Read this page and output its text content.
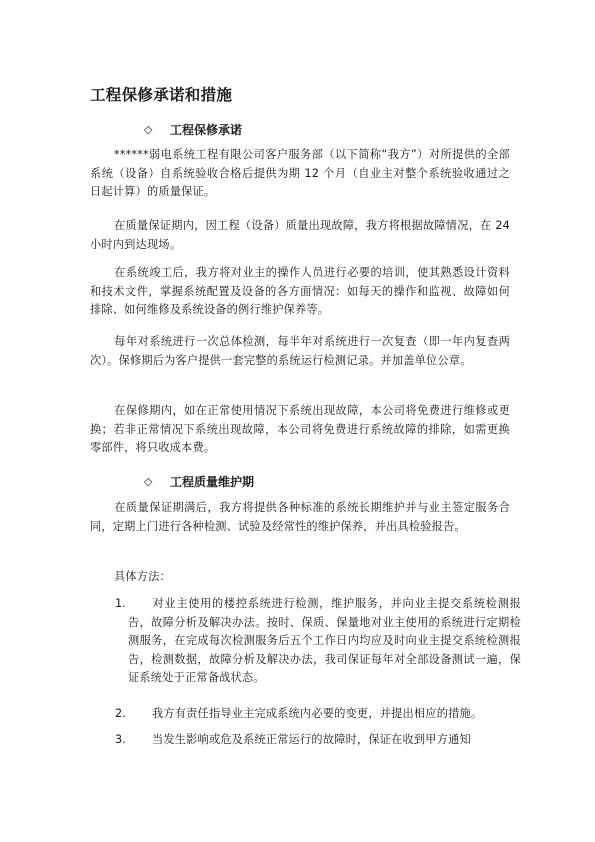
工程保修承诺和措施
◇	工程保修承诺
******弱电系统工程有限公司客户服务部（以下简称“我方”）对所提供的全部系统（设备）自系统验收合格后提供为期 12 个月（自业主对整个系统验收通过之日起计算）的质量保证。
在质量保证期内，因工程（设备）质量出现故障，我方将根据故障情况，在 24 小时内到达现场。
在系统竣工后，我方将对业主的操作人员进行必要的培训，使其熟悉设计资料和技术文件，掌握系统配置及设备的各方面情况：如每天的操作和监视、故障如何排除、如何维修及系统设备的例行维护保养等。
每年对系统进行一次总体检测，每半年对系统进行一次复查（即一年内复查两次）。保修期后为客户提供一套完整的系统运行检测记录。并加盖单位公章。
在保修期内，如在正常使用情况下系统出现故障，本公司将免费进行维修或更换；若非正常情况下系统出现故障，本公司将免费进行系统故障的排除，如需更换零部件，将只收成本费。
◇	工程质量维护期
在质量保证期满后，我方将提供各种标准的系统长期维护并与业主签定服务合同，定期上门进行各种检测、试验及经常性的维护保养，并出具检验报告。
具体方法：
1.	对业主使用的楼控系统进行检测，维护服务，并向业主提交系统检测报告，故障分析及解决办法。按时、保质、保量地对业主使用的系统进行定期检测服务，在完成每次检测服务后五个工作日内均应及时向业主提交系统检测报告，检测数据，故障分析及解决办法，我司保证每年对全部设备测试一遍，保证系统处于正常备战状态。
2.	我方有责任指导业主完成系统内必要的变更，并提出相应的措施。
3.	当发生影响或危及系统正常运行的故障时，保证在收到甲方通知
